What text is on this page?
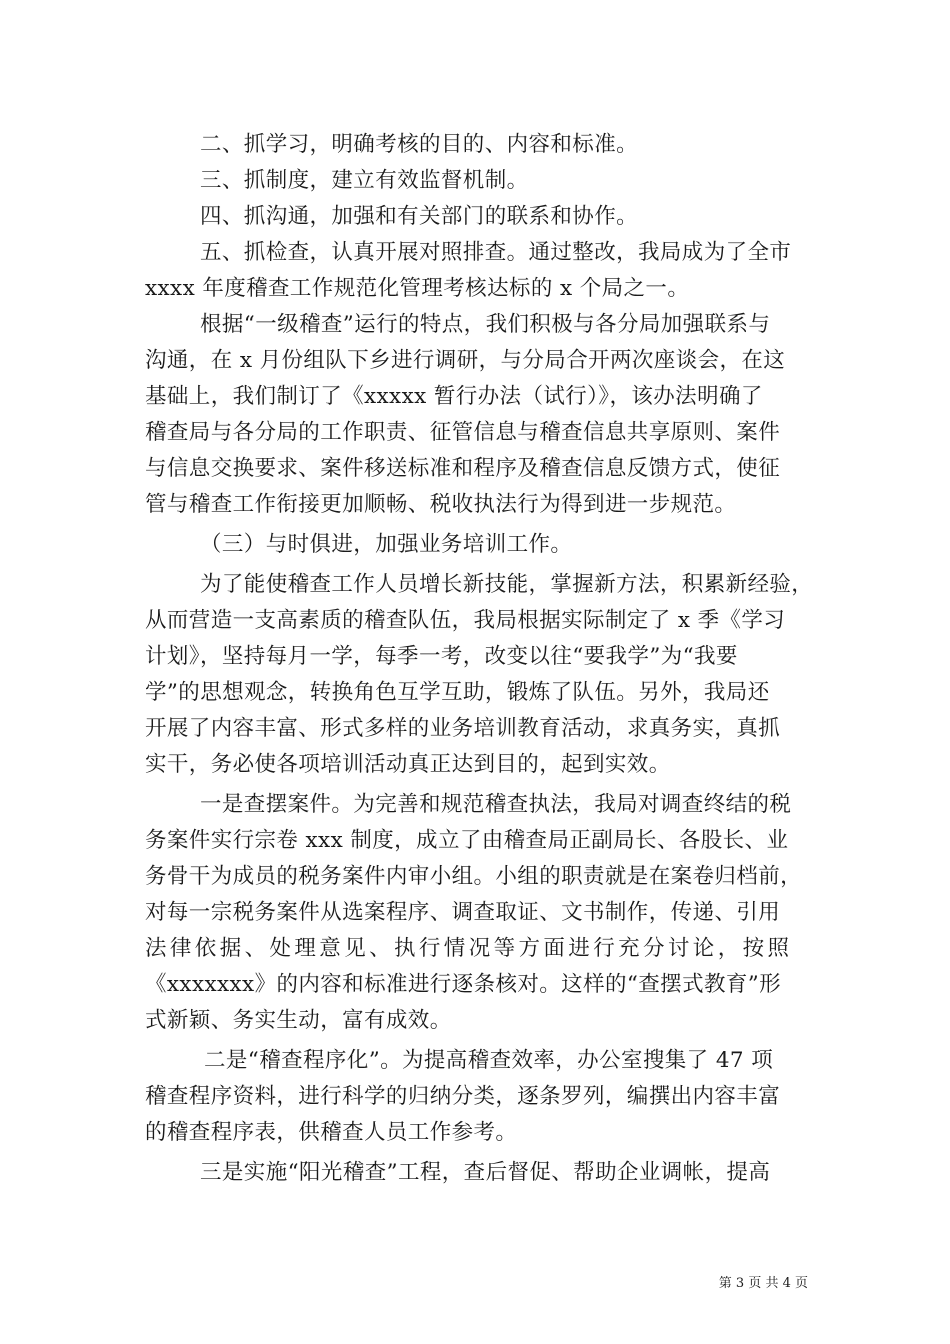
二、抓学习，明确考核的目的、内容和标准。
三、抓制度，建立有效监督机制。
四、抓沟通，加强和有关部门的联系和协作。
五、抓检查，认真开展对照排查。通过整改，我局成为了全市
xxxx 年度稽查工作规范化管理考核达标的 x 个局之一。
根据“一级稽查”运行的特点，我们积极与各分局加强联系与
沟通，在 x 月份组队下乡进行调研，与分局合开两次座谈会，在这
基础上，我们制订了《xxxxx 暂行办法（试行）》，该办法明确了
稽查局与各分局的工作职责、征管信息与稽查信息共享原则、案件
与信息交换要求、案件移送标准和程序及稽查信息反馈方式，使征
管与稽查工作衔接更加顺畅、税收执法行为得到进一步规范。
（三）与时俱进，加强业务培训工作。
为了能使稽查工作人员增长新技能，掌握新方法，积累新经验，
从而营造一支高素质的稽查队伍，我局根据实际制定了 x 季《学习
计划》，坚持每月一学，每季一考，改变以往“要我学”为“我要
学”的思想观念，转换角色互学互助，锻炼了队伍。另外，我局还
开展了内容丰富、形式多样的业务培训教育活动，求真务实，真抓
实干，务必使各项培训活动真正达到目的，起到实效。
一是查摆案件。为完善和规范稽查执法，我局对调查终结的税
务案件实行宗卷 xxx 制度，成立了由稽查局正副局长、各股长、业
务骨干为成员的税务案件内审小组。小组的职责就是在案卷归档前，
对每一宗税务案件从选案程序、调查取证、文书制作，传递、引用
法律依据、处理意见、执行情况等方面进行充分讨论，按照
《xxxxxxx》的内容和标准进行逐条核对。这样的“查摆式教育”形
式新颖、务实生动，富有成效。
二是“稽查程序化”。为提高稽查效率，办公室搜集了 47 项
稽查程序资料，进行科学的归纳分类，逐条罗列，编撰出内容丰富
的稽查程序表，供稽查人员工作参考。
三是实施“阳光稽查”工程，查后督促、帮助企业调帐，提高
第 3 页 共 4 页
